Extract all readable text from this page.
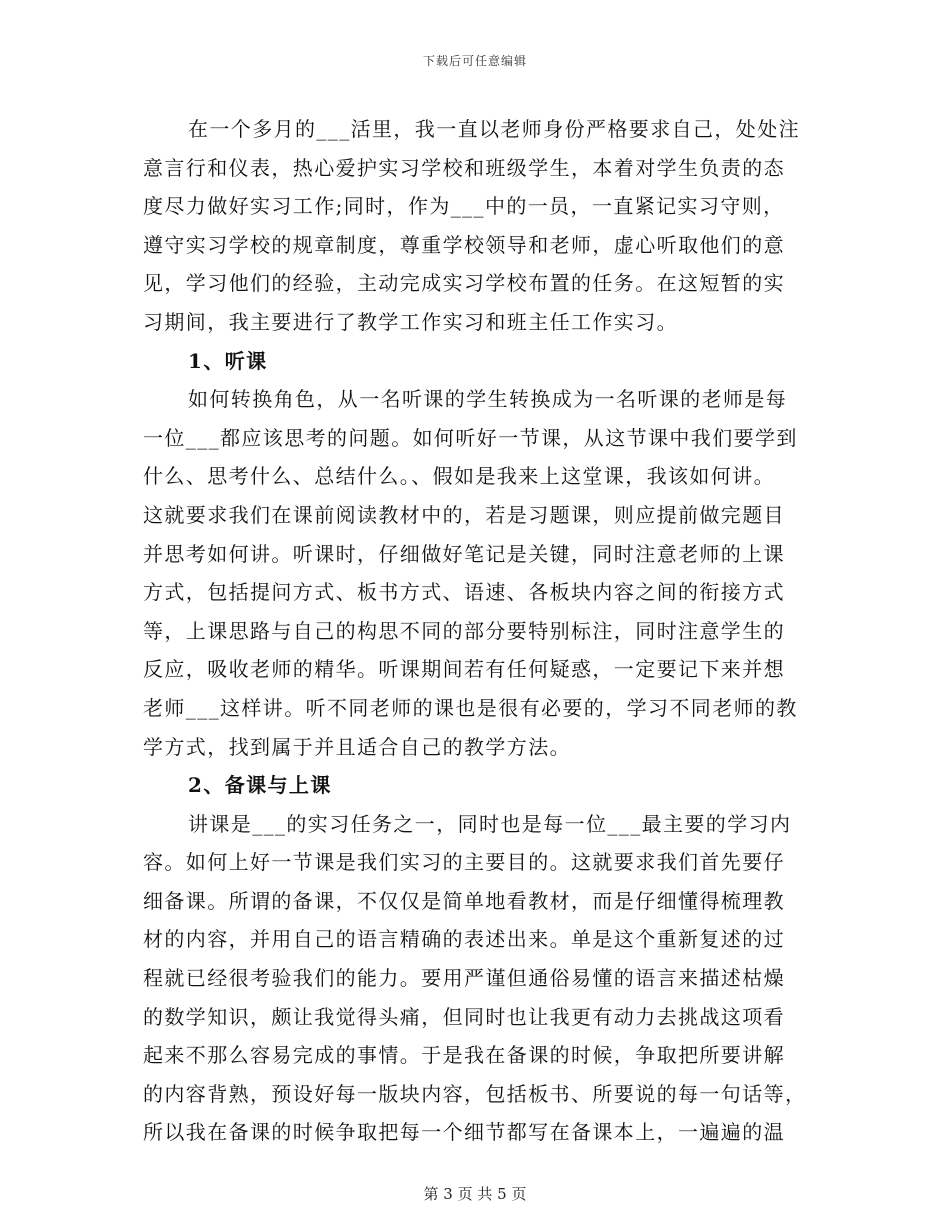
下载后可任意编辑
在一个多月的___活里，我一直以老师身份严格要求自己，处处注
意言行和仪表，热心爱护实习学校和班级学生，本着对学生负责的态
度尽力做好实习工作;同时，作为___中的一员，一直紧记实习守则，
遵守实习学校的规章制度，尊重学校领导和老师，虚心听取他们的意
见，学习他们的经验，主动完成实习学校布置的任务。在这短暂的实
习期间，我主要进行了教学工作实习和班主任工作实习。
1、听课
如何转换角色，从一名听课的学生转换成为一名听课的老师是每
一位___都应该思考的问题。如何听好一节课，从这节课中我们要学到
什么、思考什么、总结什么。、假如是我来上这堂课，我该如何讲。
这就要求我们在课前阅读教材中的，若是习题课，则应提前做完题目
并思考如何讲。听课时，仔细做好笔记是关键，同时注意老师的上课
方式，包括提问方式、板书方式、语速、各板块内容之间的衔接方式
等，上课思路与自己的构思不同的部分要特别标注，同时注意学生的
反应，吸收老师的精华。听课期间若有任何疑惑，一定要记下来并想
老师___这样讲。听不同老师的课也是很有必要的，学习不同老师的教
学方式，找到属于并且适合自己的教学方法。
2、备课与上课
讲课是___的实习任务之一，同时也是每一位___最主要的学习内
容。如何上好一节课是我们实习的主要目的。这就要求我们首先要仔
细备课。所谓的备课，不仅仅是简单地看教材，而是仔细懂得梳理教
材的内容，并用自己的语言精确的表述出来。单是这个重新复述的过
程就已经很考验我们的能力。要用严谨但通俗易懂的语言来描述枯燥
的数学知识，颇让我觉得头痛，但同时也让我更有动力去挑战这项看
起来不那么容易完成的事情。于是我在备课的时候，争取把所要讲解
的内容背熟，预设好每一版块内容，包括板书、所要说的每一句话等，
所以我在备课的时候争取把每一个细节都写在备课本上，一遍遍的温
第 3 页 共 5 页
